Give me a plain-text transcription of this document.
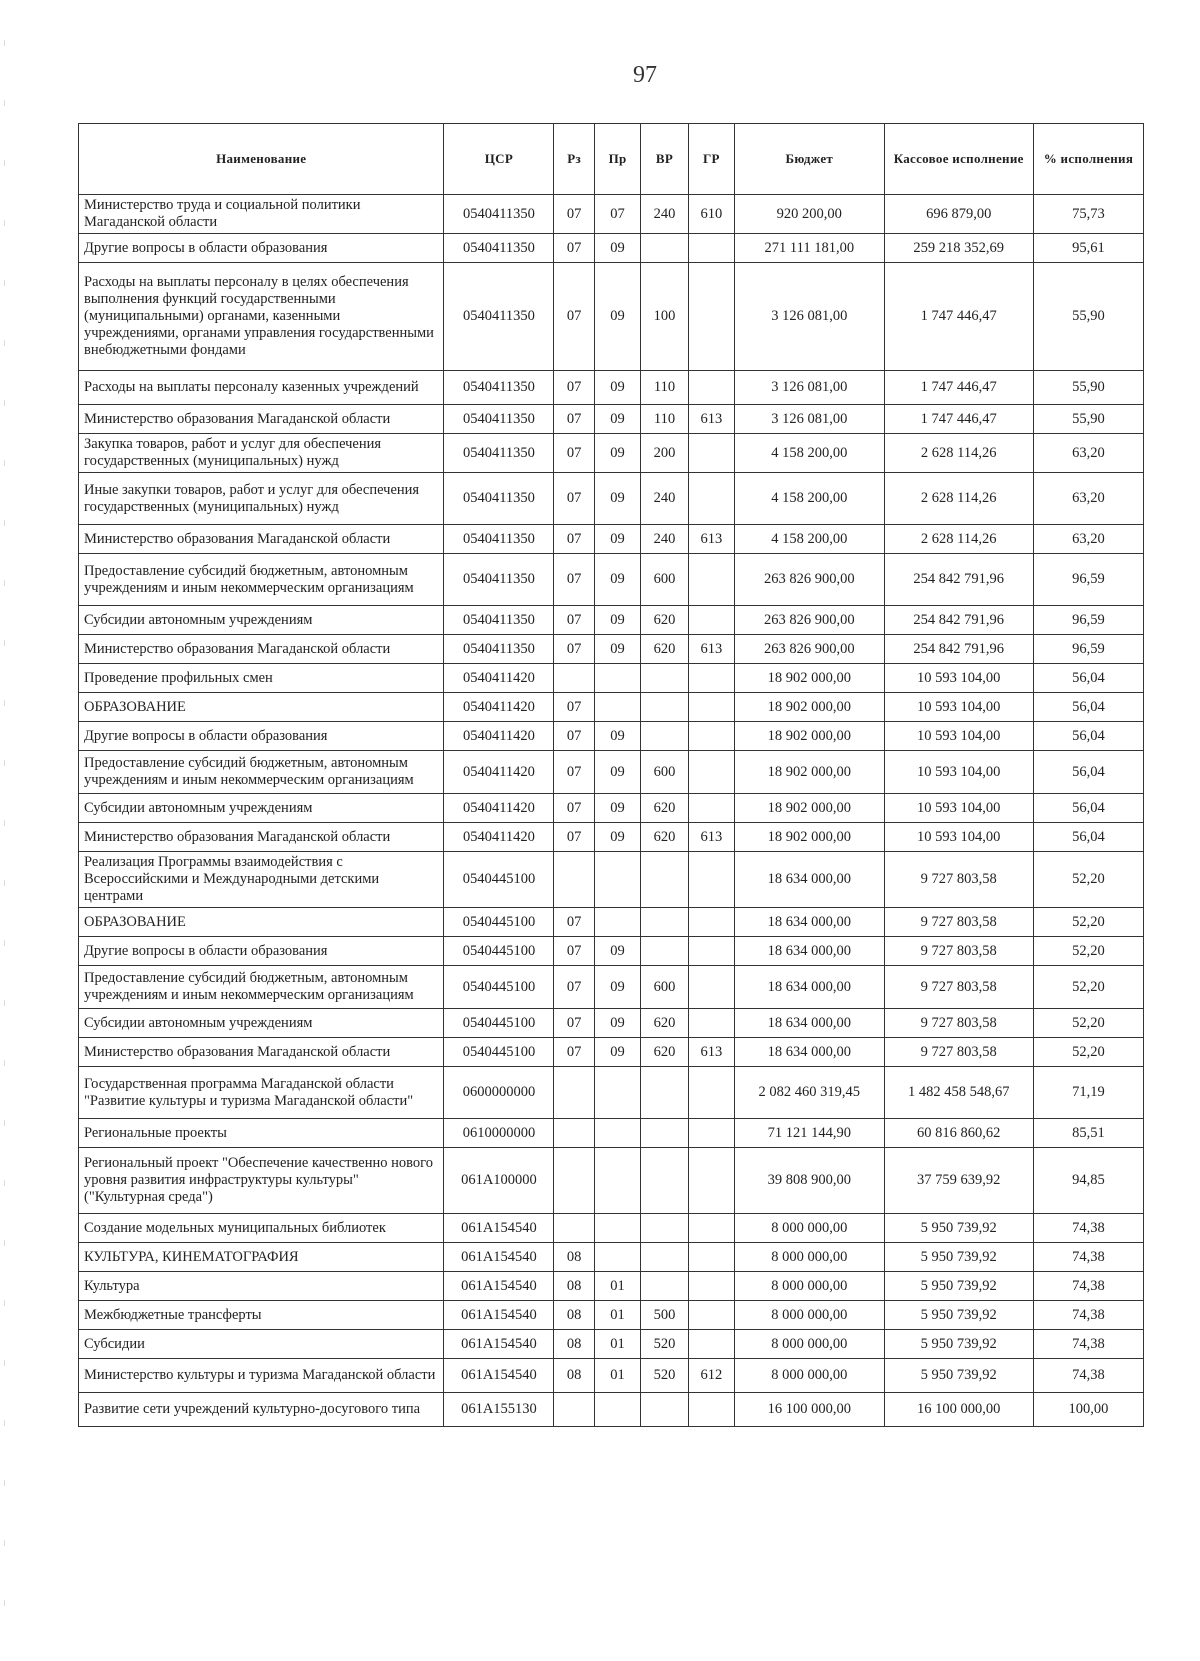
97
Наименование	ЦСР	Рз	Пр	ВР	ГР	Бюджет	Кассовое исполнение	% исполнения
Министерство труда и социальной политики Магаданской области	0540411350	07	07	240	610	920 200,00	696 879,00	75,73
Другие вопросы в области образования	0540411350	07	09			271 111 181,00	259 218 352,69	95,61
Расходы на выплаты персоналу в целях обеспечения выполнения функций государственными (муниципальными) органами, казенными учреждениями, органами управления государственными внебюджетными фондами	0540411350	07	09	100		3 126 081,00	1 747 446,47	55,90
Расходы на выплаты персоналу казенных учреждений	0540411350	07	09	110		3 126 081,00	1 747 446,47	55,90
Министерство образования Магаданской области	0540411350	07	09	110	613	3 126 081,00	1 747 446,47	55,90
Закупка товаров, работ и услуг для обеспечения государственных (муниципальных) нужд	0540411350	07	09	200		4 158 200,00	2 628 114,26	63,20
Иные закупки товаров, работ и услуг для обеспечения государственных (муниципальных) нужд	0540411350	07	09	240		4 158 200,00	2 628 114,26	63,20
Министерство образования Магаданской области	0540411350	07	09	240	613	4 158 200,00	2 628 114,26	63,20
Предоставление субсидий бюджетным, автономным учреждениям и иным некоммерческим организациям	0540411350	07	09	600		263 826 900,00	254 842 791,96	96,59
Субсидии автономным учреждениям	0540411350	07	09	620		263 826 900,00	254 842 791,96	96,59
Министерство образования Магаданской области	0540411350	07	09	620	613	263 826 900,00	254 842 791,96	96,59
Проведение профильных смен	0540411420					18 902 000,00	10 593 104,00	56,04
ОБРАЗОВАНИЕ	0540411420	07				18 902 000,00	10 593 104,00	56,04
Другие вопросы в области образования	0540411420	07	09			18 902 000,00	10 593 104,00	56,04
Предоставление субсидий бюджетным, автономным учреждениям и иным некоммерческим организациям	0540411420	07	09	600		18 902 000,00	10 593 104,00	56,04
Субсидии автономным учреждениям	0540411420	07	09	620		18 902 000,00	10 593 104,00	56,04
Министерство образования Магаданской области	0540411420	07	09	620	613	18 902 000,00	10 593 104,00	56,04
Реализация Программы взаимодействия с Всероссийскими и Международными детскими центрами	0540445100					18 634 000,00	9 727 803,58	52,20
ОБРАЗОВАНИЕ	0540445100	07				18 634 000,00	9 727 803,58	52,20
Другие вопросы в области образования	0540445100	07	09			18 634 000,00	9 727 803,58	52,20
Предоставление субсидий бюджетным, автономным учреждениям и иным некоммерческим организациям	0540445100	07	09	600		18 634 000,00	9 727 803,58	52,20
Субсидии автономным учреждениям	0540445100	07	09	620		18 634 000,00	9 727 803,58	52,20
Министерство образования Магаданской области	0540445100	07	09	620	613	18 634 000,00	9 727 803,58	52,20
Государственная программа Магаданской области "Развитие культуры и туризма Магаданской области"	0600000000					2 082 460 319,45	1 482 458 548,67	71,19
Региональные проекты	0610000000					71 121 144,90	60 816 860,62	85,51
Региональный проект "Обеспечение качественно нового уровня развития инфраструктуры культуры" ("Культурная среда")	061A100000					39 808 900,00	37 759 639,92	94,85
Создание модельных муниципальных библиотек	061A154540					8 000 000,00	5 950 739,92	74,38
КУЛЬТУРА, КИНЕМАТОГРАФИЯ	061A154540	08				8 000 000,00	5 950 739,92	74,38
Культура	061A154540	08	01			8 000 000,00	5 950 739,92	74,38
Межбюджетные трансферты	061A154540	08	01	500		8 000 000,00	5 950 739,92	74,38
Субсидии	061A154540	08	01	520		8 000 000,00	5 950 739,92	74,38
Министерство культуры и туризма Магаданской области	061A154540	08	01	520	612	8 000 000,00	5 950 739,92	74,38
Развитие сети учреждений культурно-досугового типа	061A155130					16 100 000,00	16 100 000,00	100,00
